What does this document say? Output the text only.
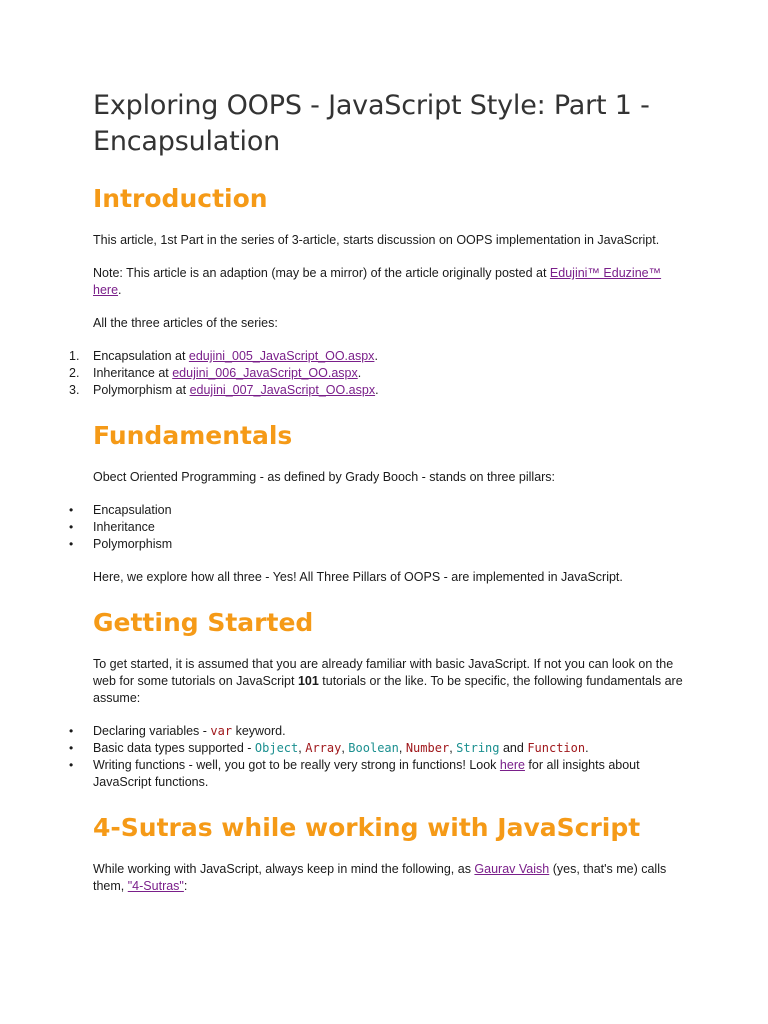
Exploring OOPS - JavaScript Style: Part 1 - Encapsulation
Introduction

This article, 1st Part in the series of 3-article, starts discussion on OOPS implementation in JavaScript.

Note: This article is an adaption (may be a mirror) of the article originally posted at Edujini™ Eduzine™ here.

All the three articles of the series:

1.	Encapsulation at edujini_005_JavaScript_OO.aspx.
2.	Inheritance at edujini_006_JavaScript_OO.aspx.
3.	Polymorphism at edujini_007_JavaScript_OO.aspx.
Fundamentals

Obect Oriented Programming - as defined by Grady Booch - stands on three pillars:

• Encapsulation
• Inheritance
• Polymorphism

Here, we explore how all three - Yes! All Three Pillars of OOPS - are implemented in JavaScript.

Getting Started

To get started, it is assumed that you are already familiar with basic JavaScript. If not you can look on the web for some tutorials on JavaScript 101 tutorials or the like. To be specific, the following fundamentals are assume:

• Declaring variables - var keyword.
• Basic data types supported - Object, Array, Boolean, Number, String and Function.
• Writing functions - well, you got to be really very strong in functions! Look here for all insights about JavaScript functions.
4-Sutras while working with JavaScript

While working with JavaScript, always keep in mind the following, as Gaurav Vaish (yes, that's me) calls them, "4-Sutras":
